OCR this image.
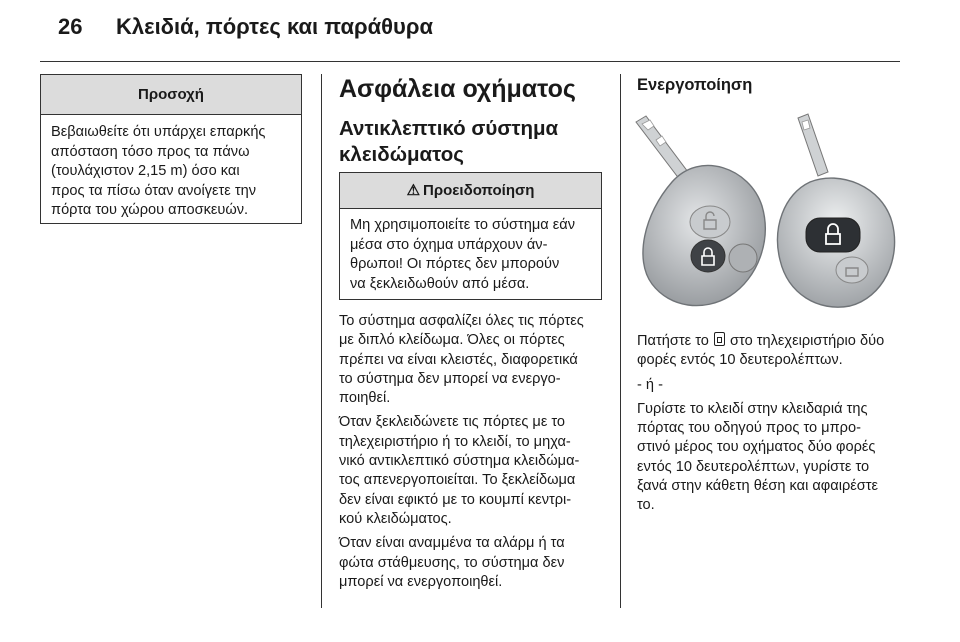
26 Κλειδιά, πόρτες και παράθυρα
Προσοχή
Βεβαιωθείτε ότι υπάρχει επαρκής
απόσταση τόσο προς τα πάνω
(τουλάχιστον 2,15 m) όσο και
προς τα πίσω όταν ανοίγετε την
πόρτα του χώρου αποσκευών.
Ασφάλεια οχήματος
Αντικλεπτικό σύστημα
κλειδώματος
⚠ Προειδοποίηση
Μη χρησιμοποιείτε το σύστημα εάν
μέσα στο όχημα υπάρχουν άν-
θρωποι! Οι πόρτες δεν μπορούν
να ξεκλειδωθούν από μέσα.
Το σύστημα ασφαλίζει όλες τις πόρτες
με διπλό κλείδωμα. Όλες οι πόρτες
πρέπει να είναι κλειστές, διαφορετικά
το σύστημα δεν μπορεί να ενεργο-
ποιηθεί.
Όταν ξεκλειδώνετε τις πόρτες με το
τηλεχειριστήριο ή το κλειδί, το μηχα-
νικό αντικλεπτικό σύστημα κλειδώμα-
τος απενεργοποιείται. Το ξεκλείδωμα
δεν είναι εφικτό με το κουμπί κεντρι-
κού κλειδώματος.
Όταν είναι αναμμένα τα αλάρμ ή τα
φώτα στάθμευσης, το σύστημα δεν
μπορεί να ενεργοποιηθεί.
Ενεργοποίηση
Πατήστε το στο τηλεχειριστήριο δύο
φορές εντός 10 δευτερολέπτων.
- ή -
Γυρίστε το κλειδί στην κλειδαριά της
πόρτας του οδηγού προς το μπρο-
στινό μέρος του οχήματος δύο φορές
εντός 10 δευτερολέπτων, γυρίστε το
ξανά στην κάθετη θέση και αφαιρέστε
το.
